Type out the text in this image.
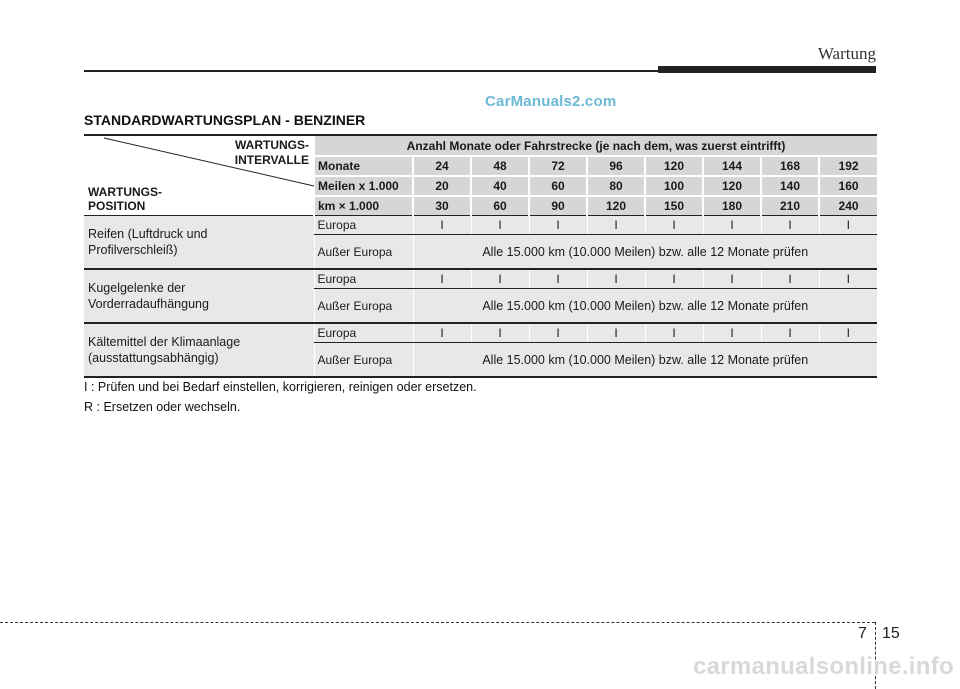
Wartung
CarManuals2.com
STANDARDWARTUNGSPLAN - BENZINER
WARTUNGS-
INTERVALLE
WARTUNGS-
POSITION	Anzahl Monate oder Fahrstrecke (je nach dem, was zuerst eintrifft)								
	Monate	24	48	72	96	120	144	168	192
	Meilen x 1.000	20	40	60	80	100	120	140	160
	km × 1.000	30	60	90	120	150	180	210	240

Reifen (Luftdruck und
Profilverschleiß)	Europa	I	I	I	I	I	I	I	I
	Außer Europa	Alle 15.000 km (10.000 Meilen) bzw. alle 12 Monate prüfen							

Kugelgelenke der
Vorderradaufhängung	Europa	I	I	I	I	I	I	I	I
	Außer Europa	Alle 15.000 km (10.000 Meilen) bzw. alle 12 Monate prüfen							

Kältemittel der Klimaanlage
(ausstattungsabhängig)	Europa	I	I	I	I	I	I	I	I
	Außer Europa	Alle 15.000 km (10.000 Meilen) bzw. alle 12 Monate prüfen							
I : Prüfen und bei Bedarf einstellen, korrigieren, reinigen oder ersetzen.
R : Ersetzen oder wechseln.
7 15
carmanualsonline.info
